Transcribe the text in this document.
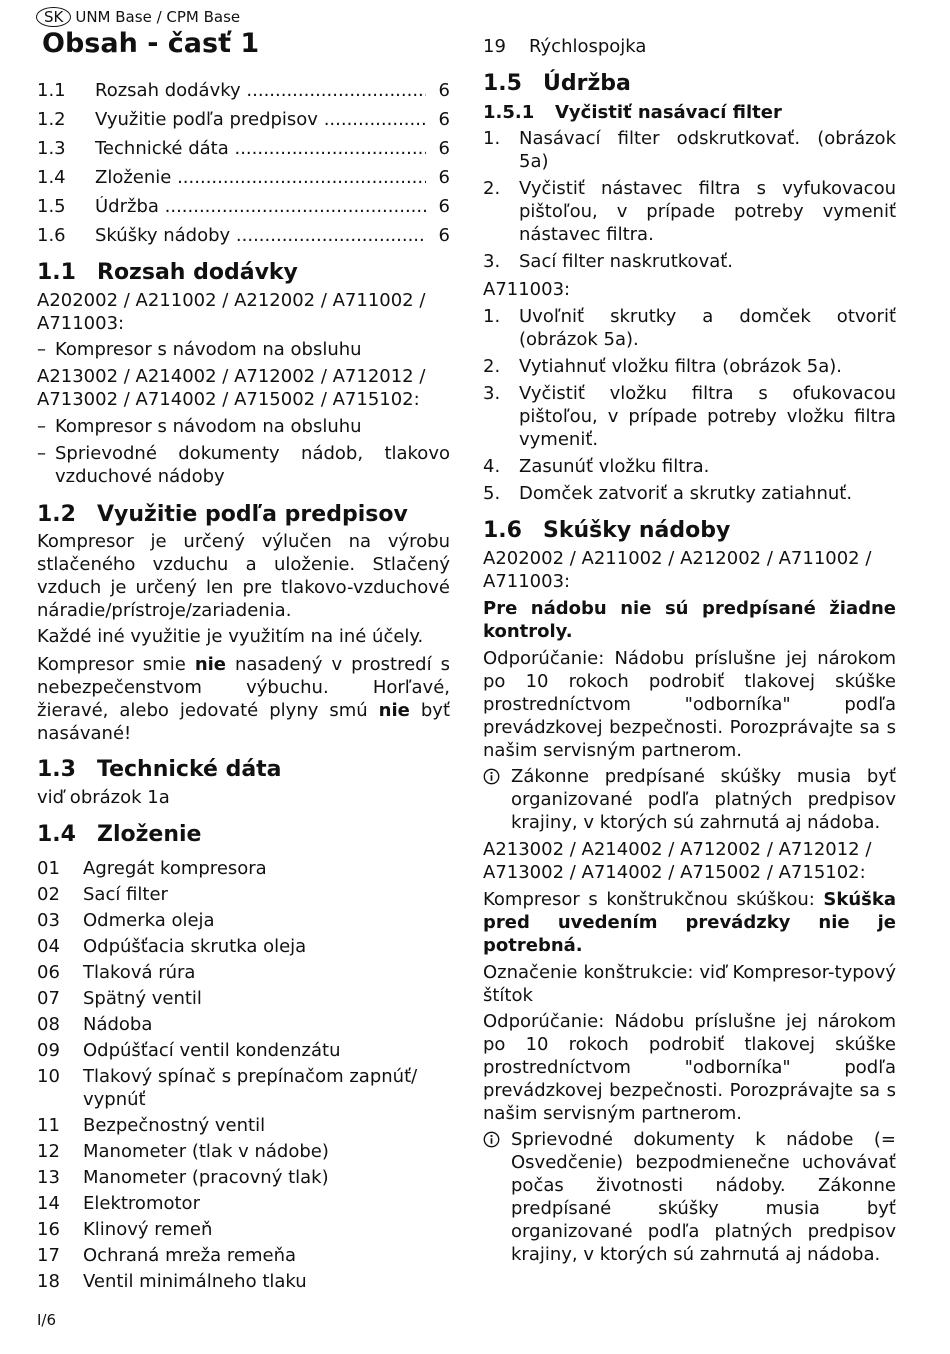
SK UNM Base / CPM Base
Obsah - časť 1
1.1	Rozsah dodávky .....	6
1.2	Využitie podľa predpisov .....	6
1.3	Technické dáta .....	6
1.4	Zloženie .....	6
1.5	Údržba .....	6
1.6	Skúšky nádoby .....	6
1.1 Rozsah dodávky

A202002 / A211002 / A212002 / A711002 / A711003:

– Kompresor s návodom na obsluhu

A213002 / A214002 / A712002 / A712012 / A713002 / A714002 / A715002 / A715102:

– Kompresor s návodom na obsluhu
– Sprievodné dokumenty nádob, tlakovo vzduchové nádoby
1.2 Využitie podľa predpisov

Kompresor je určený výlučen na výrobu stlačeného vzduchu a uloženie. Stlačený vzduch je určený len pre tlakovo-vzduchové náradie/prístroje/zariadenia.

Každé iné využitie je využitím na iné účely.

Kompresor smie nie nasadený v prostredí s nebezpečenstvom výbuchu. Horľavé, žieravé, alebo jedovaté plyny smú nie byť nasávané!

1.3 Technické dáta

viď obrázok 1a

1.4 Zloženie
01	Agregát kompresora
02	Sací filter
03	Odmerka oleja
04	Odpúšťacia skrutka oleja
06	Tlaková rúra
07	Spätný ventil
08	Nádoba
09	Odpúšťací ventil kondenzátu
10	Tlakový spínač s prepínačom zapnúť/ vypnúť
11	Bezpečnostný ventil
12	Manometer (tlak v nádobe)
13	Manometer (pracovný tlak)
14	Elektromotor
16	Klinový remeň
17	Ochraná mreža remeňa
18	Ventil minimálneho tlaku
19	Rýchlospojka
1.5 Údržba
1.5.1 Vyčistiť nasávací filter
1.	Nasávací filter odskrutkovať. (obrázok 5a)
2.	Vyčistiť nástavec filtra s vyfukovacou pištoľou, v prípade potreby vymeniť nástavec filtra.
3.	Sací filter naskrutkovať.

A711003:

1.	Uvoľniť skrutky a domček otvoriť (obrázok 5a).
2.	Vytiahnuť vložku filtra (obrázok 5a).
3.	Vyčistiť vložku filtra s ofukovacou pištoľou, v prípade potreby vložku filtra vymeniť.
4.	Zasunúť vložku filtra.
5.	Domček zatvoriť a skrutky zatiahnuť.
1.6 Skúšky nádoby

A202002 / A211002 / A212002 / A711002 / A711003:

Pre nádobu nie sú predpísané žiadne kontroly.

Odporúčanie: Nádobu príslušne jej nárokom po 10 rokoch podrobiť tlakovej skúške prostredníctvom "odborníka" podľa prevádzkovej bezpečnosti. Porozprávajte sa s našim servisným partnerom.

Zákonne predpísané skúšky musia byť organizované podľa platných predpisov krajiny, v ktorých sú zahrnutá aj nádoba.

A213002 / A214002 / A712002 / A712012 / A713002 / A714002 / A715002 / A715102:

Kompresor s konštrukčnou skúškou: Skúška pred uvedením prevádzky nie je potrebná.

Označenie konštrukcie: viď Kompresor-typový štítok

Odporúčanie: Nádobu príslušne jej nárokom po 10 rokoch podrobiť tlakovej skúške prostredníctvom "odborníka" podľa prevádzkovej bezpečnosti. Porozprávajte sa s našim servisným partnerom.

Sprievodné dokumenty k nádobe (= Osvedčenie) bezpodmienečne uchovávať počas životnosti nádoby. Zákonne predpísané skúšky musia byť organizované podľa platných predpisov krajiny, v ktorých sú zahrnutá aj nádoba.
I/6
